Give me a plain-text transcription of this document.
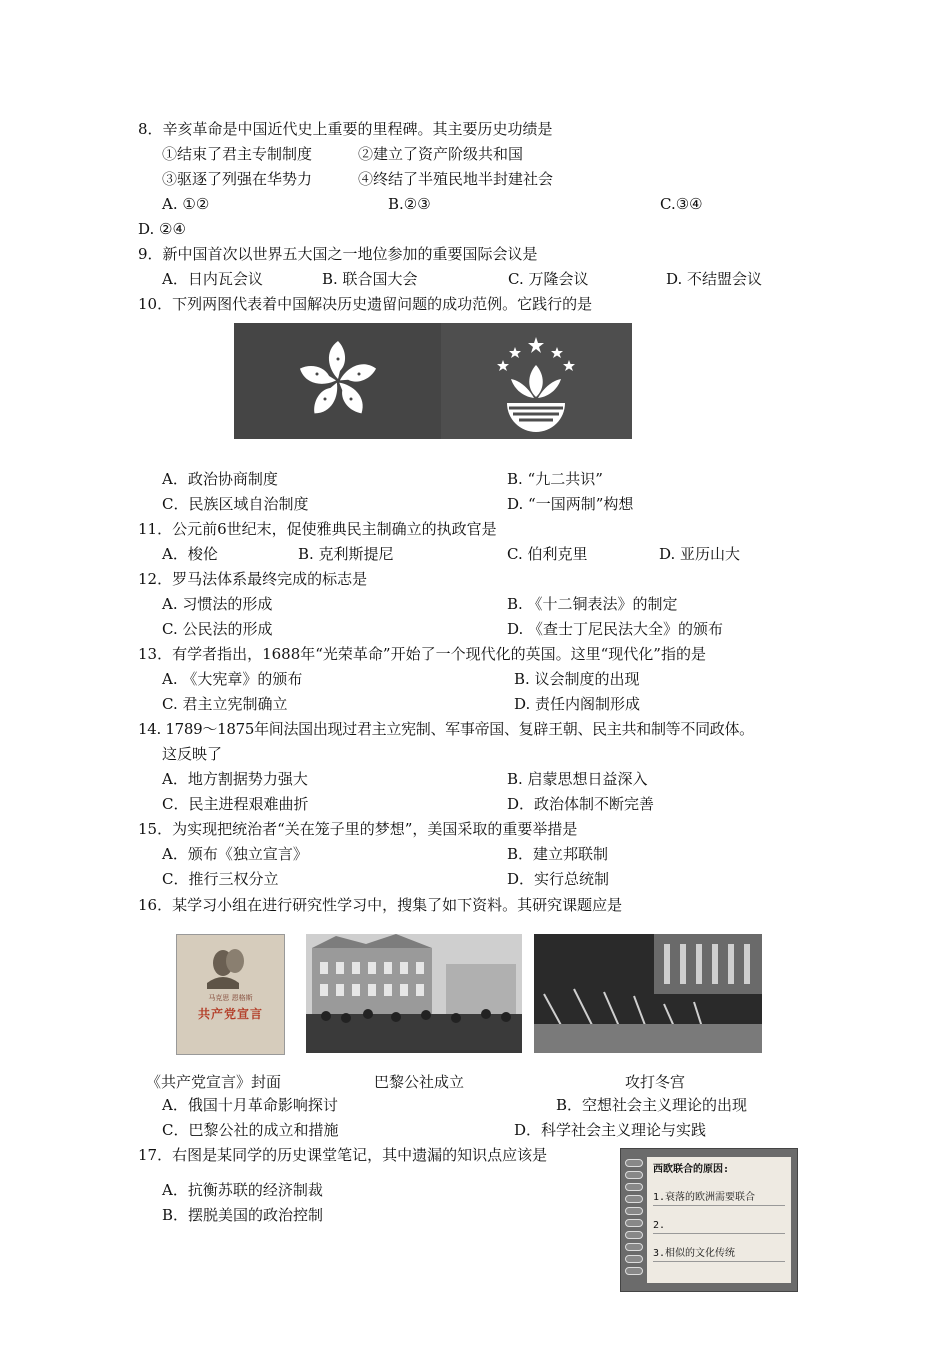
8．辛亥革命是中国近代史上重要的里程碑。其主要历史功绩是
①结束了君主专制制度	②建立了资产阶级共和国
③驱逐了列强在华势力	④终结了半殖民地半封建社会
A. ①②	B.②③	C.③④
D. ②④
9．新中国首次以世界五大国之一地位参加的重要国际会议是
A．日内瓦会议	B. 联合国大会	C. 万隆会议	D. 不结盟会议
10．下列两图代表着中国解决历史遗留问题的成功范例。它践行的是
A．政治协商制度	B. “九二共识”
C．民族区域自治制度	D. “一国两制”构想
11．公元前6世纪末，促使雅典民主制确立的执政官是
A．梭伦	B. 克利斯提尼	C. 伯利克里	D. 亚历山大
12．罗马法体系最终完成的标志是
A. 习惯法的形成	B. 《十二铜表法》的制定
C. 公民法的形成	D. 《查士丁尼民法大全》的颁布
13．有学者指出，1688年“光荣革命”开始了一个现代化的英国。这里“现代化”指的是
A. 《大宪章》的颁布	B. 议会制度的出现
C. 君主立宪制确立	D. 责任内阁制形成
14. 1789～1875年间法国出现过君主立宪制、军事帝国、复辟王朝、民主共和制等不同政体。
这反映了
A．地方割据势力强大	B. 启蒙思想日益深入
C．民主进程艰难曲折	D．政治体制不断完善
15．为实现把统治者“关在笼子里的梦想”，美国采取的重要举措是
A．颁布《独立宣言》	B．建立邦联制
C．推行三权分立	D．实行总统制
16．某学习小组在进行研究性学习中，搜集了如下资料。其研究课题应是
马克思 恩格斯
共产党宣言
《共产党宣言》封面	巴黎公社成立	攻打冬宫
A．俄国十月革命影响探讨	B．空想社会主义理论的出现
C．巴黎公社的成立和措施	D．科学社会主义理论与实践
17．右图是某同学的历史课堂笔记，其中遗漏的知识点应该是
A．抗衡苏联的经济制裁
B．摆脱美国的政治控制
西欧联合的原因:
1.衰落的欧洲需要联合
2.
3.相似的文化传统
